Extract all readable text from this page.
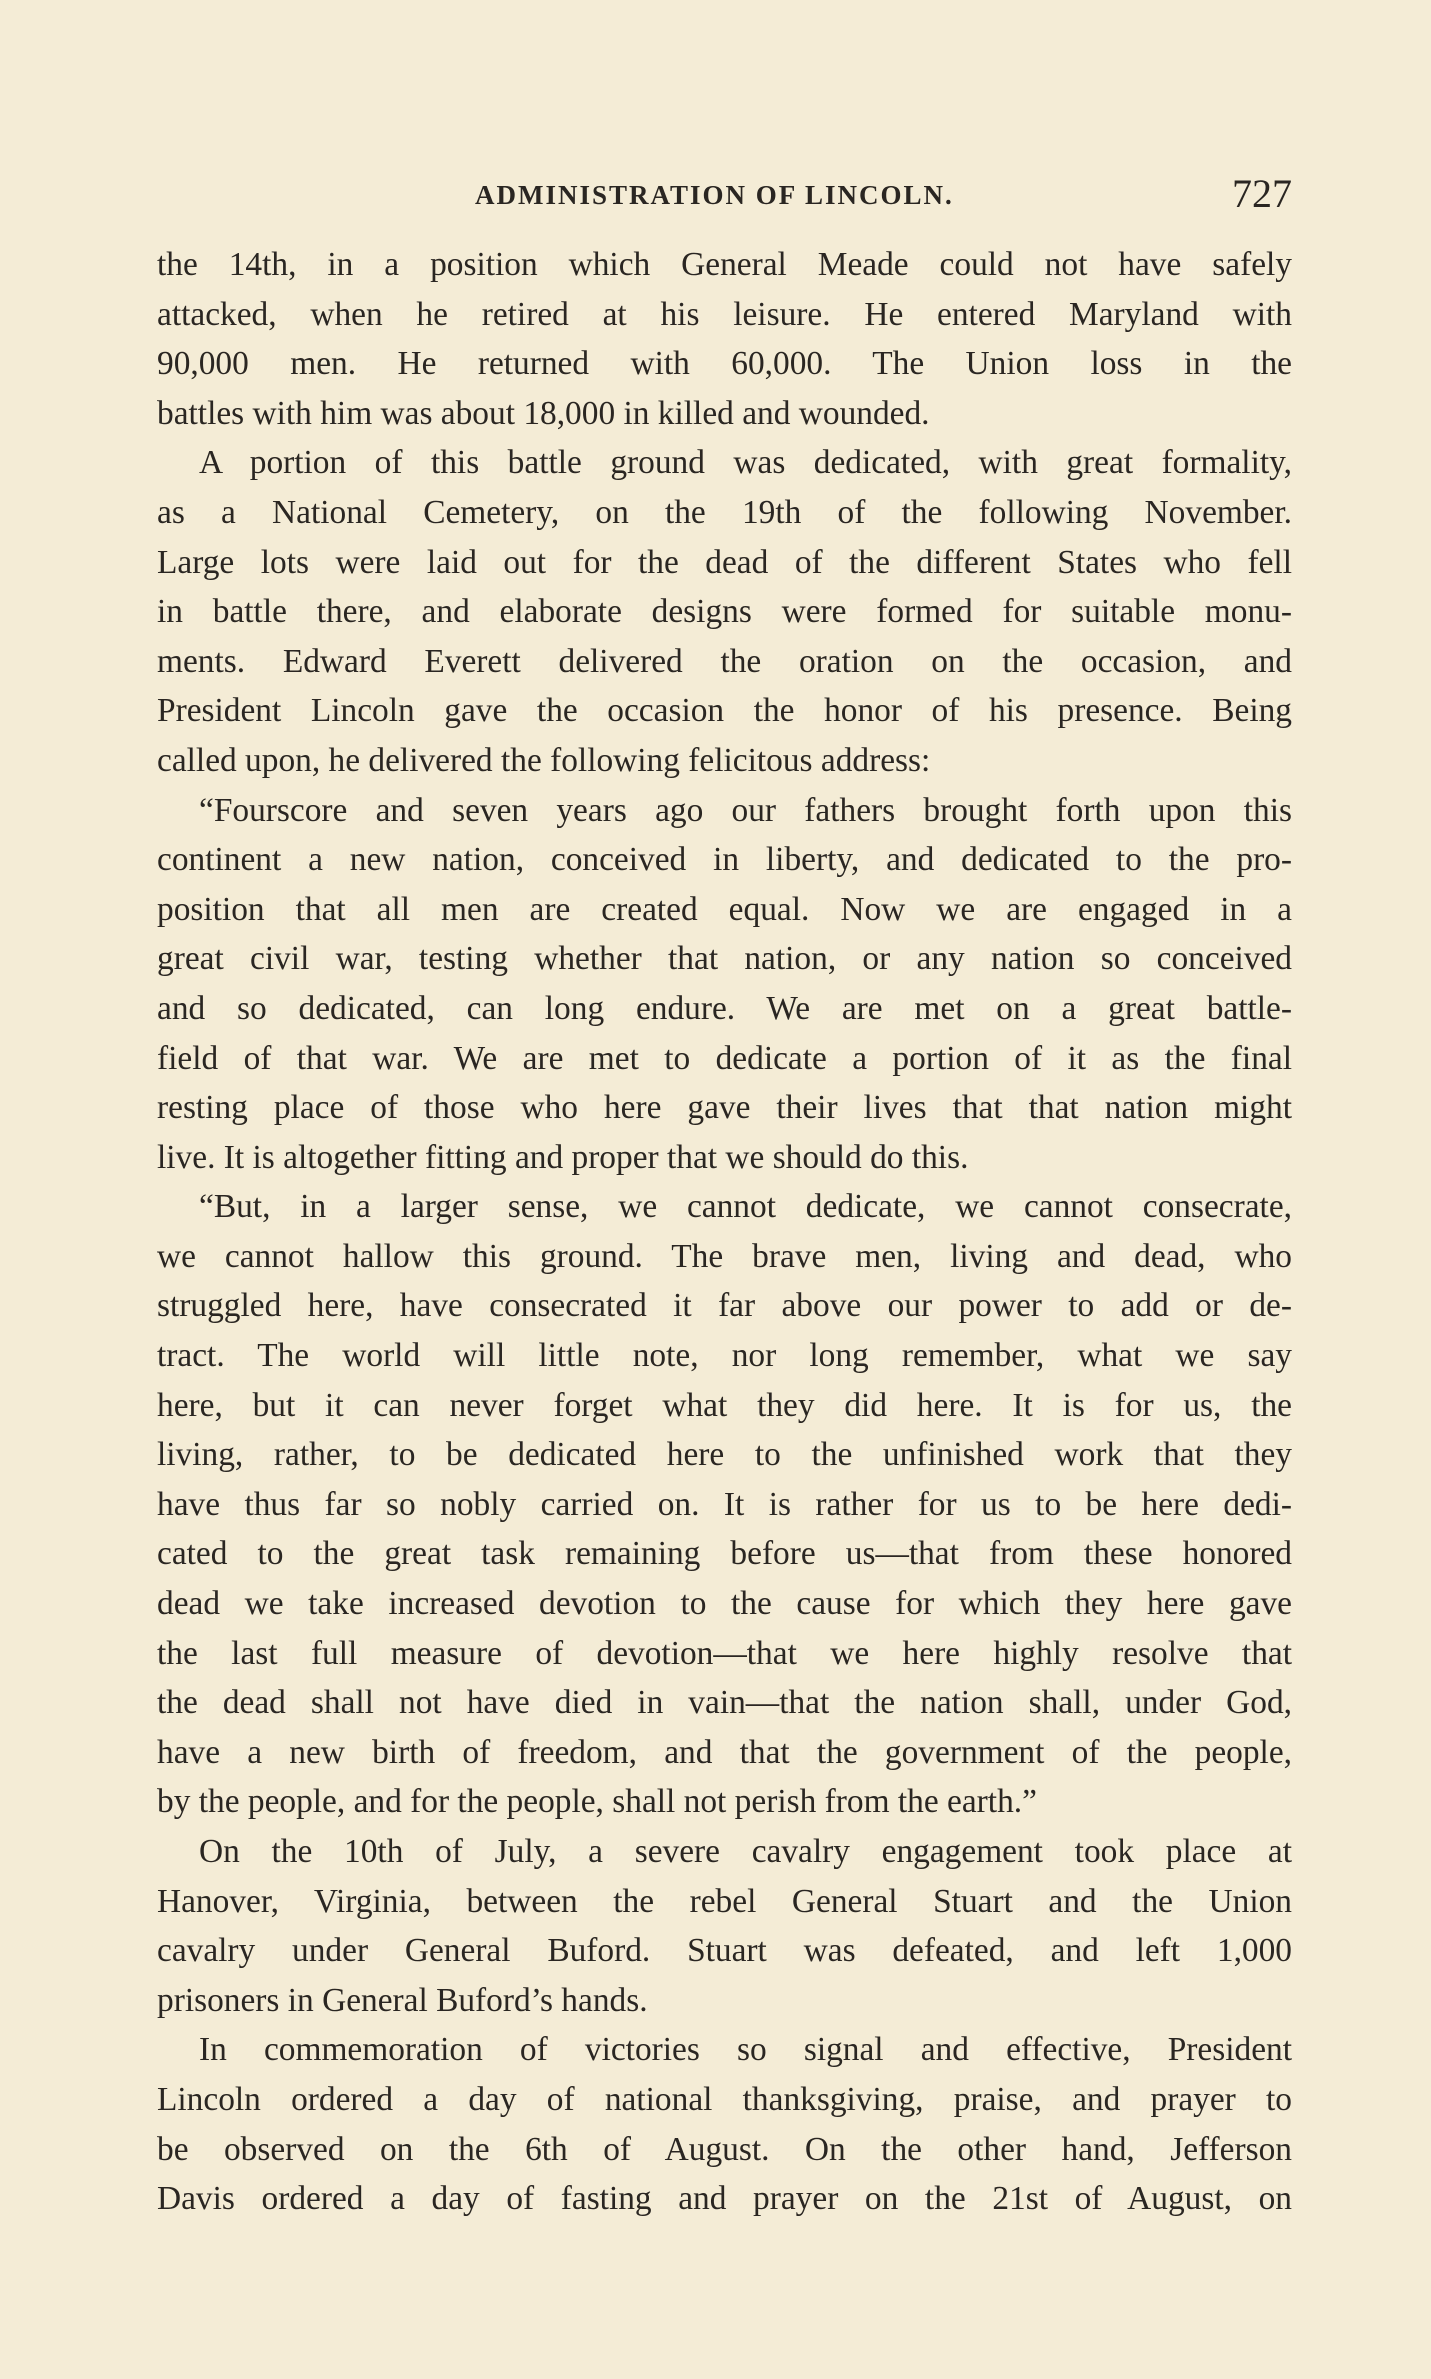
ADMINISTRATION OF LINCOLN.	727
the 14th, in a position which General Meade could not have safely
attacked, when he retired at his leisure. He entered Maryland with
90,000 men. He returned with 60,000. The Union loss in the
battles with him was about 18,000 in killed and wounded.
A portion of this battle ground was dedicated, with great formality,
as a National Cemetery, on the 19th of the following November.
Large lots were laid out for the dead of the different States who fell
in battle there, and elaborate designs were formed for suitable monu-
ments. Edward Everett delivered the oration on the occasion, and
President Lincoln gave the occasion the honor of his presence. Being
called upon, he delivered the following felicitous address:
“Fourscore and seven years ago our fathers brought forth upon this
continent a new nation, conceived in liberty, and dedicated to the pro-
position that all men are created equal. Now we are engaged in a
great civil war, testing whether that nation, or any nation so conceived
and so dedicated, can long endure. We are met on a great battle-
field of that war. We are met to dedicate a portion of it as the final
resting place of those who here gave their lives that that nation might
live. It is altogether fitting and proper that we should do this.
“But, in a larger sense, we cannot dedicate, we cannot consecrate,
we cannot hallow this ground. The brave men, living and dead, who
struggled here, have consecrated it far above our power to add or de-
tract. The world will little note, nor long remember, what we say
here, but it can never forget what they did here. It is for us, the
living, rather, to be dedicated here to the unfinished work that they
have thus far so nobly carried on. It is rather for us to be here dedi-
cated to the great task remaining before us—that from these honored
dead we take increased devotion to the cause for which they here gave
the last full measure of devotion—that we here highly resolve that
the dead shall not have died in vain—that the nation shall, under God,
have a new birth of freedom, and that the government of the people,
by the people, and for the people, shall not perish from the earth.”
On the 10th of July, a severe cavalry engagement took place at
Hanover, Virginia, between the rebel General Stuart and the Union
cavalry under General Buford. Stuart was defeated, and left 1,000
prisoners in General Buford’s hands.
In commemoration of victories so signal and effective, President
Lincoln ordered a day of national thanksgiving, praise, and prayer to
be observed on the 6th of August. On the other hand, Jefferson
Davis ordered a day of fasting and prayer on the 21st of August, on
